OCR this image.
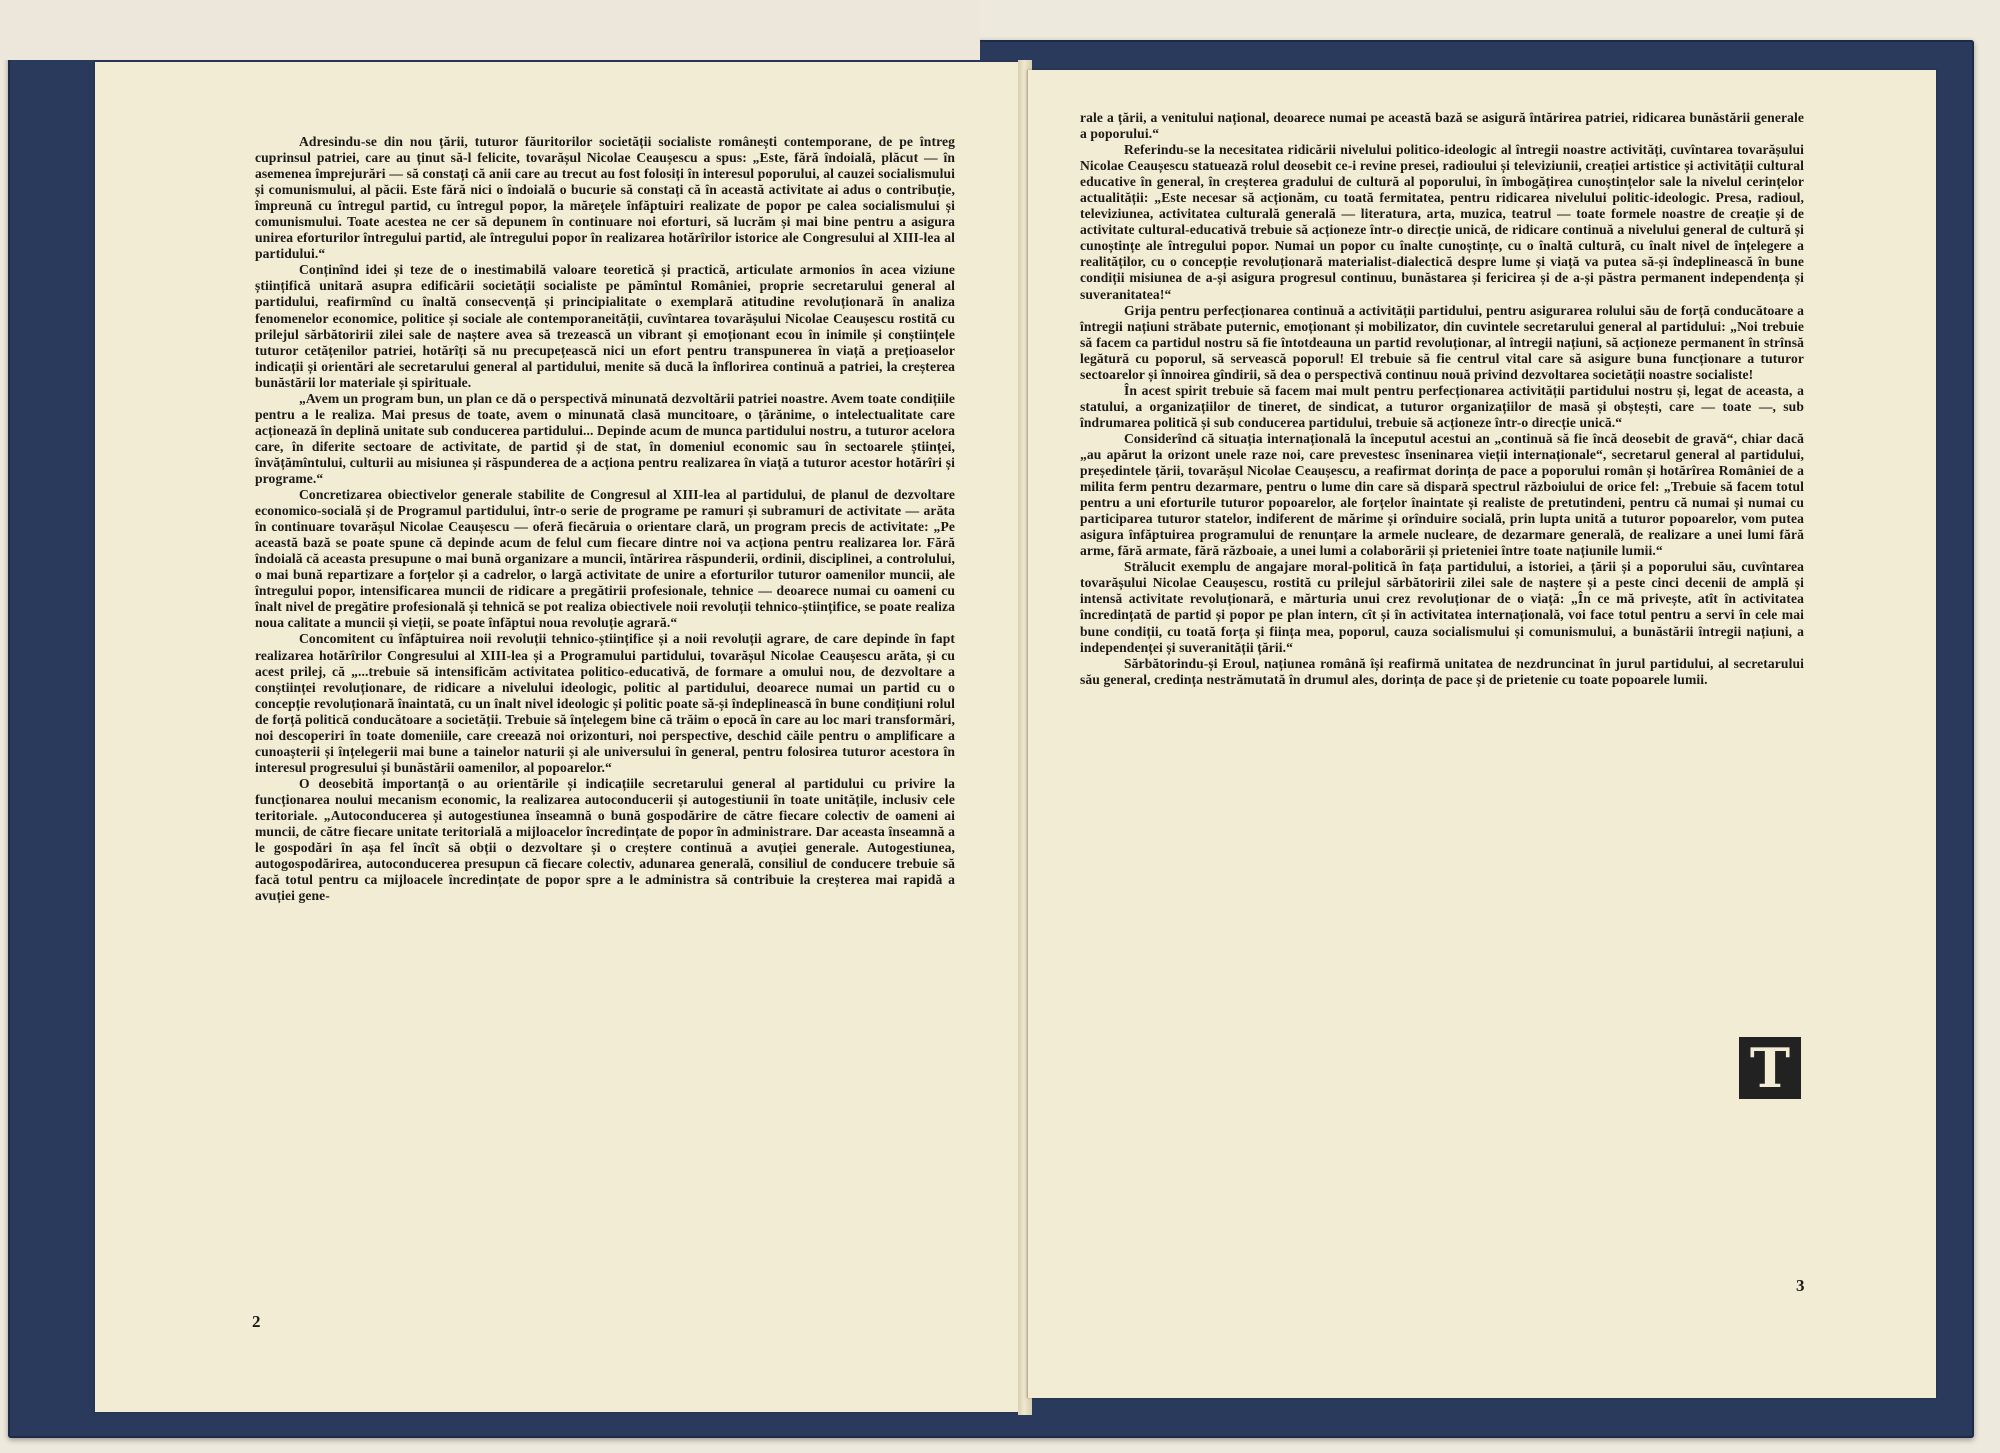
Adresindu-se din nou țării, tuturor făuritorilor societății socialiste românești contemporane, de pe întreg cuprinsul patriei, care au ținut să-l felicite, tovarășul Nicolae Ceaușescu a spus: „Este, fără îndoială, plăcut — în asemenea împrejurări — să constați că anii care au trecut au fost folosiți în interesul poporului, al cauzei socialismului și comunismului, al păcii. Este fără nici o îndoială o bucurie să constați că în această activitate ai adus o contribuție, împreună cu întregul partid, cu întregul popor, la măreţele înfăptuiri realizate de popor pe calea socialismului și comunismului. Toate acestea ne cer să depunem în continuare noi eforturi, să lucrăm și mai bine pentru a asigura unirea eforturilor întregului partid, ale întregului popor în realizarea hotărîrilor istorice ale Congresului al XIII-lea al partidului.“

Conținînd idei și teze de o inestimabilă valoare teoretică și practică, articulate armonios în acea viziune științifică unitară asupra edificării societății socialiste pe pămîntul României, proprie secretarului general al partidului, reafirmînd cu înaltă consecvență și principialitate o exemplară atitudine revoluționară în analiza fenomenelor economice, politice și sociale ale contemporaneității, cuvîntarea tovarășului Nicolae Ceaușescu rostită cu prilejul sărbătoririi zilei sale de naștere avea să trezească un vibrant și emoționant ecou în inimile și conștiințele tuturor cetățenilor patriei, hotărîți să nu precupețească nici un efort pentru transpunerea în viață a prețioaselor indicații și orientări ale secretarului general al partidului, menite să ducă la înflorirea continuă a patriei, la creșterea bunăstării lor materiale și spirituale.

„Avem un program bun, un plan ce dă o perspectivă minunată dezvoltării patriei noastre. Avem toate condițiile pentru a le realiza. Mai presus de toate, avem o minunată clasă muncitoare, o țărănime, o intelectualitate care acționează în deplină unitate sub conducerea partidului... Depinde acum de munca partidului nostru, a tuturor acelora care, în diferite sectoare de activitate, de partid și de stat, în domeniul economic sau în sectoarele științei, învățămîntului, culturii au misiunea și răspunderea de a acționa pentru realizarea în viață a tuturor acestor hotărîri și programe.“

Concretizarea obiectivelor generale stabilite de Congresul al XIII-lea al partidului, de planul de dezvoltare economico-socială și de Programul partidului, într-o serie de programe pe ramuri și subramuri de activitate — arăta în continuare tovarășul Nicolae Ceaușescu — oferă fiecăruia o orientare clară, un program precis de activitate: „Pe această bază se poate spune că depinde acum de felul cum fiecare dintre noi va acționa pentru realizarea lor. Fără îndoială că aceasta presupune o mai bună organizare a muncii, întărirea răspunderii, ordinii, disciplinei, a controlului, o mai bună repartizare a forțelor și a cadrelor, o largă activitate de unire a eforturilor tuturor oamenilor muncii, ale întregului popor, intensificarea muncii de ridicare a pregătirii profesionale, tehnice — deoarece numai cu oameni cu înalt nivel de pregătire profesională și tehnică se pot realiza obiectivele noii revoluții tehnico-științifice, se poate realiza noua calitate a muncii și vieții, se poate înfăptui noua revoluție agrară.“

Concomitent cu înfăptuirea noii revoluții tehnico-științifice și a noii revoluții agrare, de care depinde în fapt realizarea hotărîrilor Congresului al XIII-lea și a Programului partidului, tovarășul Nicolae Ceaușescu arăta, și cu acest prilej, că „...trebuie să intensificăm activitatea politico-educativă, de formare a omului nou, de dezvoltare a conștiinței revoluționare, de ridicare a nivelului ideologic, politic al partidului, deoarece numai un partid cu o concepție revoluționară înaintată, cu un înalt nivel ideologic și politic poate să-și îndeplinească în bune condițiuni rolul de forță politică conducătoare a societății. Trebuie să înțelegem bine că trăim o epocă în care au loc mari transformări, noi descoperiri în toate domeniile, care creează noi orizonturi, noi perspective, deschid căile pentru o amplificare a cunoașterii și înțelegerii mai bune a tainelor naturii și ale universului în general, pentru folosirea tuturor acestora în interesul progresului și bunăstării oamenilor, al popoarelor.“

O deosebită importanță o au orientările și indicațiile secretarului general al partidului cu privire la funcționarea noului mecanism economic, la realizarea autoconducerii și autogestiunii în toate unitățile, inclusiv cele teritoriale. „Autoconducerea și autogestiunea înseamnă o bună gospodărire de către fiecare colectiv de oameni ai muncii, de către fiecare unitate teritorială a mijloacelor încredințate de popor în administrare. Dar aceasta înseamnă a le gospodări în așa fel încît să obții o dezvoltare și o creștere continuă a avuției generale. Autogestiunea, autogospodărirea, autoconducerea presupun că fiecare colectiv, adunarea generală, consiliul de conducere trebuie să facă totul pentru ca mijloacele încredințate de popor spre a le administra să contribuie la creșterea mai rapidă a avuției gene-

2

rale a țării, a venitului național, deoarece numai pe această bază se asigură întărirea patriei, ridicarea bunăstării generale a poporului.“

Referindu-se la necesitatea ridicării nivelului politico-ideologic al întregii noastre activități, cuvîntarea tovarășului Nicolae Ceaușescu statuează rolul deosebit ce-i revine presei, radioului și televiziunii, creației artistice și activității cultural educative în general, în creșterea gradului de cultură al poporului, în îmbogățirea cunoștințelor sale la nivelul cerințelor actualității: „Este necesar să acționăm, cu toată fermitatea, pentru ridicarea nivelului politic-ideologic. Presa, radioul, televiziunea, activitatea culturală generală — literatura, arta, muzica, teatrul — toate formele noastre de creație și de activitate cultural-educativă trebuie să acționeze într-o direcție unică, de ridicare continuă a nivelului general de cultură și cunoștințe ale întregului popor. Numai un popor cu înalte cunoștințe, cu o înaltă cultură, cu înalt nivel de înțelegere a realităților, cu o concepție revoluționară materialist-dialectică despre lume și viață va putea să-și îndeplinească în bune condiții misiunea de a-și asigura progresul continuu, bunăstarea și fericirea și de a-și păstra permanent independența și suveranitatea!“

Grija pentru perfecționarea continuă a activității partidului, pentru asigurarea rolului său de forță conducătoare a întregii națiuni străbate puternic, emoționant și mobilizator, din cuvintele secretarului general al partidului: „Noi trebuie să facem ca partidul nostru să fie întotdeauna un partid revoluționar, al întregii națiuni, să acționeze permanent în strînsă legătură cu poporul, să servească poporul! El trebuie să fie centrul vital care să asigure buna funcționare a tuturor sectoarelor și înnoirea gîndirii, să dea o perspectivă continuu nouă privind dezvoltarea societății noastre socialiste!

În acest spirit trebuie să facem mai mult pentru perfecționarea activității partidului nostru și, legat de aceasta, a statului, a organizațiilor de tineret, de sindicat, a tuturor organizațiilor de masă și obștești, care — toate —, sub îndrumarea politică și sub conducerea partidului, trebuie să acționeze într-o direcție unică.“

Considerînd că situația internațională la începutul acestui an „continuă să fie încă deosebit de gravă“, chiar dacă „au apărut la orizont unele raze noi, care prevestesc înseninarea vieții internaționale“, secretarul general al partidului, președintele țării, tovarășul Nicolae Ceaușescu, a reafirmat dorința de pace a poporului român și hotărîrea României de a milita ferm pentru dezarmare, pentru o lume din care să dispară spectrul războiului de orice fel: „Trebuie să facem totul pentru a uni eforturile tuturor popoarelor, ale forțelor înaintate și realiste de pretutindeni, pentru că numai și numai cu participarea tuturor statelor, indiferent de mărime și orînduire socială, prin lupta unită a tuturor popoarelor, vom putea asigura înfăptuirea programului de renunțare la armele nucleare, de dezarmare generală, de realizare a unei lumi fără arme, fără armate, fără războaie, a unei lumi a colaborării și prieteniei între toate națiunile lumii.“

Strălucit exemplu de angajare moral-politică în fața partidului, a istoriei, a țării și a poporului său, cuvîntarea tovarășului Nicolae Ceaușescu, rostită cu prilejul sărbătoririi zilei sale de naștere și a peste cinci decenii de amplă și intensă activitate revoluționară, e mărturia unui crez revoluționar de o viață: „În ce mă privește, atît în activitatea încredințată de partid și popor pe plan intern, cît și în activitatea internațională, voi face totul pentru a servi în cele mai bune condiții, cu toată forța și ființa mea, poporul, cauza socialismului și comunismului, a bunăstării întregii națiuni, a independenței și suveranității țării.“

Sărbătorindu-și Eroul, națiunea română își reafirmă unitatea de nezdruncinat în jurul partidului, al secretarului său general, credința nestrămutată în drumul ales, dorința de pace și de prietenie cu toate popoarele lumii.

T
3
